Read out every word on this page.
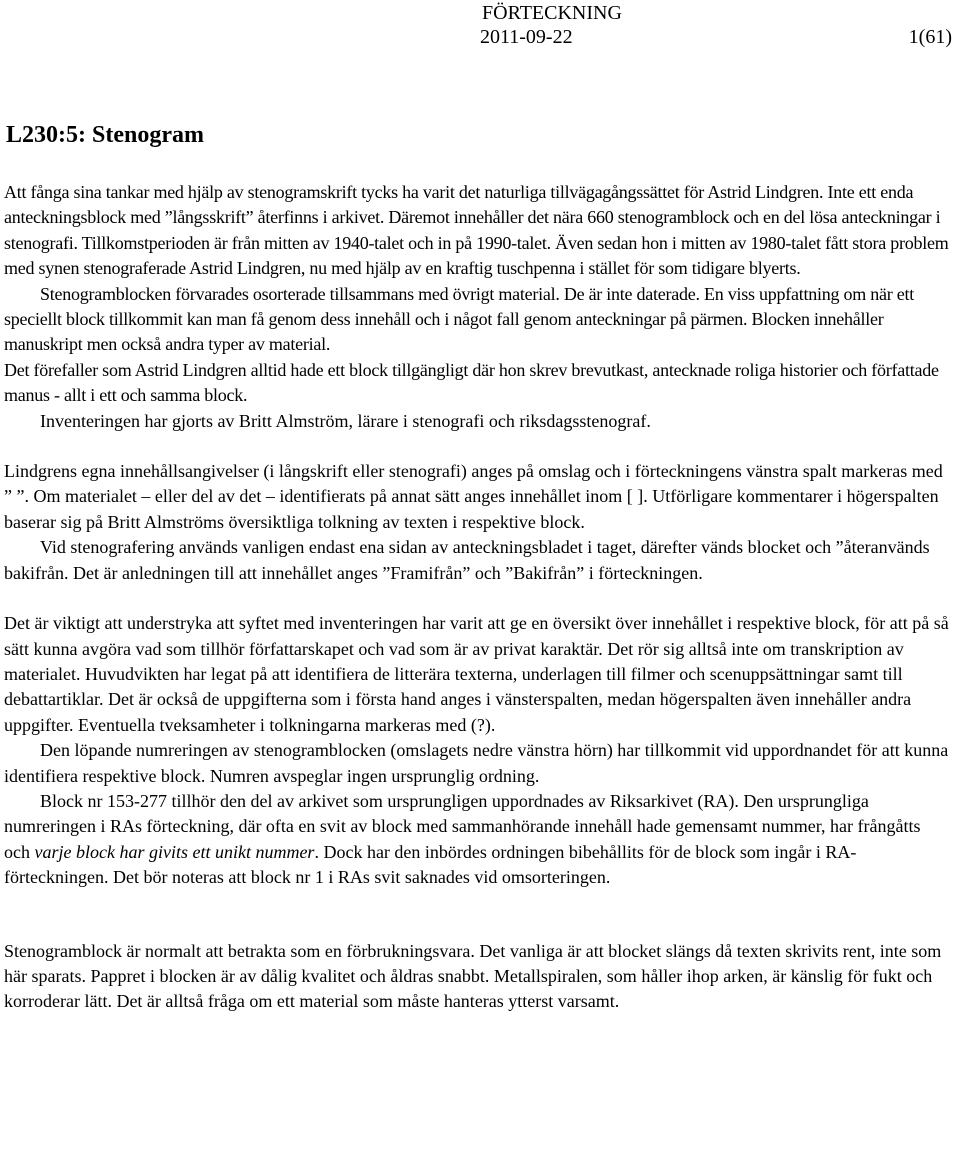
FÖRTECKNING
2011-09-22	1(61)
L230:5: Stenogram

Att fånga sina tankar med hjälp av stenogramskrift tycks ha varit det naturliga tillvägagångssättet för Astrid Lindgren. Inte ett enda anteckningsblock med ”långsskrift” återfinns i arkivet. Däremot innehåller det nära 660 stenogramblock och en del lösa anteckningar i stenografi. Tillkomstperioden är från mitten av 1940-talet och in på 1990-talet. Även sedan hon i mitten av 1980-talet fått stora problem med synen stenograferade Astrid Lindgren, nu med hjälp av en kraftig tuschpenna i stället för som tidigare blyerts.

Stenogramblocken förvarades osorterade tillsammans med övrigt material. De är inte daterade. En viss uppfattning om när ett speciellt block tillkommit kan man få genom dess innehåll och i något fall genom anteckningar på pärmen. Blocken innehåller manuskript men också andra typer av material.

Det förefaller som Astrid Lindgren alltid hade ett block tillgängligt där hon skrev brevutkast, antecknade roliga historier och författade manus - allt i ett och samma block.

Inventeringen har gjorts av Britt Almström, lärare i stenografi och riksdagsstenograf.

Lindgrens egna innehållsangivelser (i långskrift eller stenografi) anges på omslag och i förteckningens vänstra spalt markeras med ” ”. Om materialet – eller del av det – identifierats på annat sätt anges innehållet inom [ ]. Utförligare kommentarer i högerspalten baserar sig på Britt Almströms översiktliga tolkning av texten i respektive block.

Vid stenografering används vanligen endast ena sidan av anteckningsbladet i taget, därefter vänds blocket och ”återanvänds bakifrån. Det är anledningen till att innehållet anges ”Framifrån” och ”Bakifrån” i förteckningen.

Det är viktigt att understryka att syftet med inventeringen har varit att ge en översikt över innehållet i respektive block, för att på så sätt kunna avgöra vad som tillhör författarskapet och vad som är av privat karaktär. Det rör sig alltså inte om transkription av materialet. Huvudvikten har legat på att identifiera de litterära texterna, underlagen till filmer och scenuppsättningar samt till debattartiklar. Det är också de uppgifterna som i första hand anges i vänsterspalten, medan högerspalten även innehåller andra uppgifter. Eventuella tveksamheter i tolkningarna markeras med (?).

Den löpande numreringen av stenogramblocken (omslagets nedre vänstra hörn) har tillkommit vid uppordnandet för att kunna identifiera respektive block. Numren avspeglar ingen ursprunglig ordning.

Block nr 153-277 tillhör den del av arkivet som ursprungligen uppordnades av Riksarkivet (RA). Den ursprungliga numreringen i RAs förteckning, där ofta en svit av block med sammanhörande innehåll hade gemensamt nummer, har frångåtts och varje block har givits ett unikt nummer. Dock har den inbördes ordningen bibehållits för de block som ingår i RA-förteckningen. Det bör noteras att block nr 1 i RAs svit saknades vid omsorteringen.

Stenogramblock är normalt att betrakta som en förbrukningsvara. Det vanliga är att blocket slängs då texten skrivits rent, inte som här sparats. Pappret i blocken är av dålig kvalitet och åldras snabbt. Metallspiralen, som håller ihop arken, är känslig för fukt och korroderar lätt. Det är alltså fråga om ett material som måste hanteras ytterst varsamt.
